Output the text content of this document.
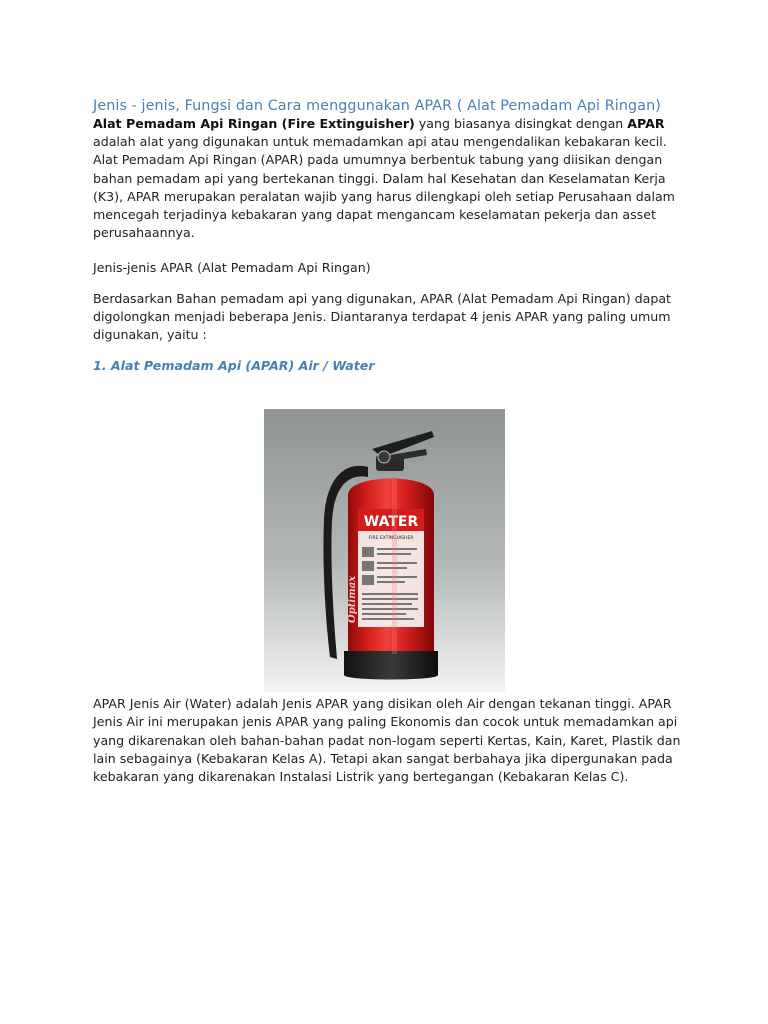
Jenis - jenis, Fungsi dan Cara menggunakan APAR ( Alat Pemadam Api Ringan)

Alat Pemadam Api Ringan (Fire Extinguisher) yang biasanya disingkat dengan APAR adalah alat yang digunakan untuk memadamkan api atau mengendalikan kebakaran kecil. Alat Pemadam Api Ringan (APAR) pada umumnya berbentuk tabung yang diisikan dengan bahan pemadam api yang bertekanan tinggi. Dalam hal Kesehatan dan Keselamatan Kerja (K3), APAR merupakan peralatan wajib yang harus dilengkapi oleh setiap Perusahaan dalam mencegah terjadinya kebakaran yang dapat mengancam keselamatan pekerja dan asset perusahaannya.

Jenis-jenis APAR (Alat Pemadam Api Ringan)

Berdasarkan Bahan pemadam api yang digunakan, APAR (Alat Pemadam Api Ringan) dapat digolongkan menjadi beberapa Jenis. Diantaranya terdapat 4 jenis APAR yang paling umum digunakan, yaitu :

1. Alat Pemadam Api (APAR) Air / Water
WATER
FIRE EXTINGUISHER
Optimax

APAR Jenis Air (Water) adalah Jenis APAR yang disikan oleh Air dengan tekanan tinggi. APAR Jenis Air ini merupakan jenis APAR yang paling Ekonomis dan cocok untuk memadamkan api yang dikarenakan oleh bahan-bahan padat non-logam seperti Kertas, Kain, Karet, Plastik dan lain sebagainya (Kebakaran Kelas A). Tetapi akan sangat berbahaya jika dipergunakan pada kebakaran yang dikarenakan Instalasi Listrik yang bertegangan (Kebakaran Kelas C).
